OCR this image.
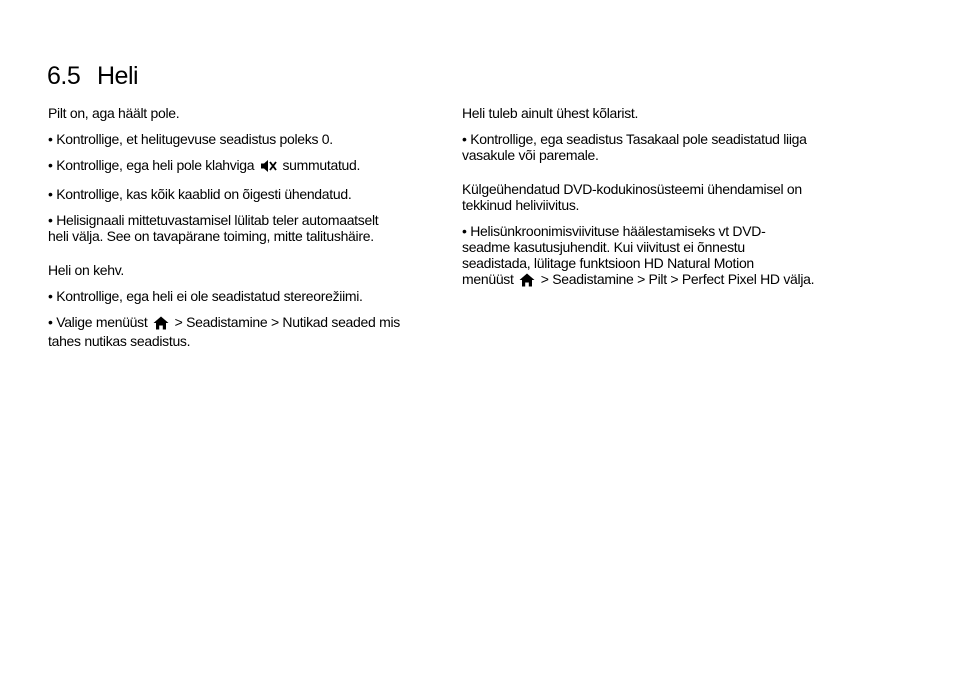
6.5 Heli
Pilt on, aga häält pole.
• Kontrollige, et helitugevuse seadistus poleks 0.
• Kontrollige, ega heli pole klahviga summutatud.
• Kontrollige, kas kõik kaablid on õigesti ühendatud.
• Helisignaali mittetuvastamisel lülitab teler automaatselt
heli välja. See on tavapärane toiming, mitte talitushäire.
Heli on kehv.
• Kontrollige, ega heli ei ole seadistatud stereorežiimi.
• Valige menüüst > Seadistamine > Nutikad seaded mis
tahes nutikas seadistus.
Heli tuleb ainult ühest kõlarist.
• Kontrollige, ega seadistus Tasakaal pole seadistatud liiga
vasakule või paremale.
Külgeühendatud DVD-kodukinosüsteemi ühendamisel on
tekkinud heliviivitus.
• Helisünkroonimisviivituse häälestamiseks vt DVD-
seadme kasutusjuhendit. Kui viivitust ei õnnestu
seadistada, lülitage funktsioon HD Natural Motion
menüüst > Seadistamine > Pilt > Perfect Pixel HD välja.
